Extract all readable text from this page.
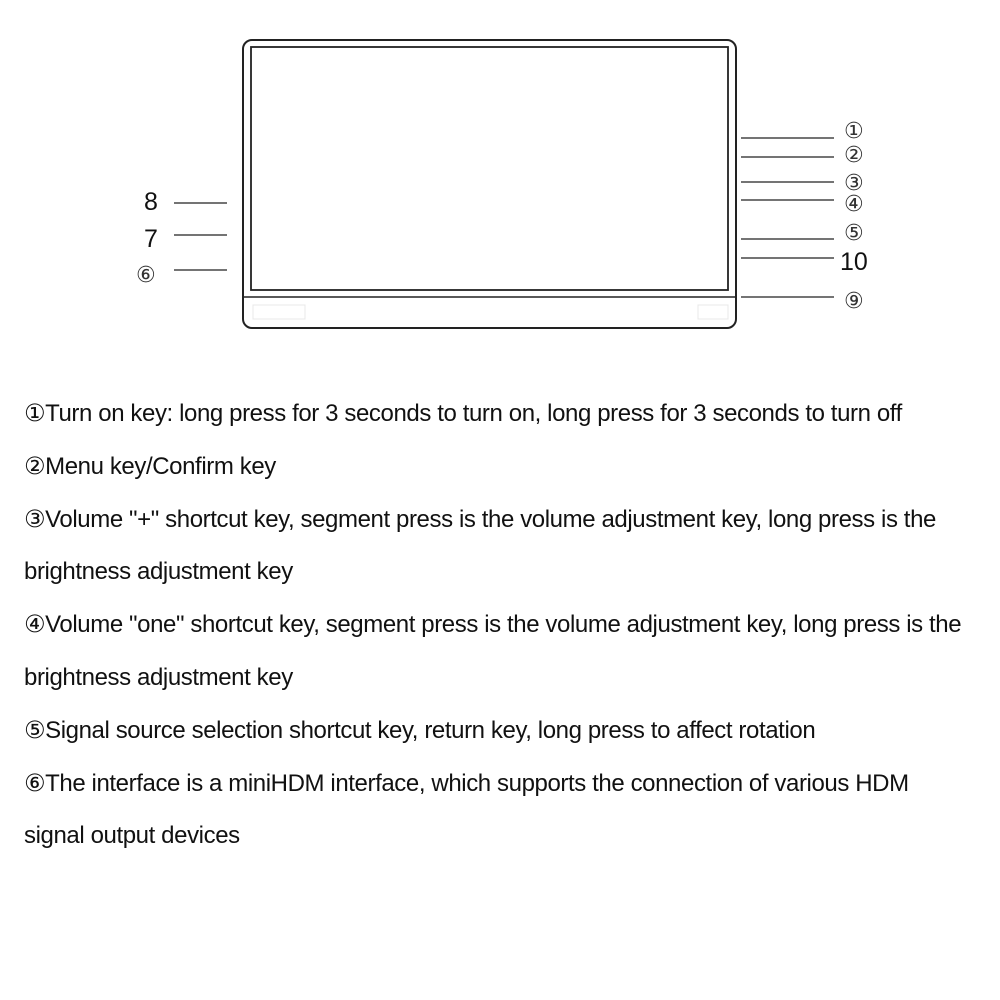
8
7
⑥
①
②
③
④
⑤
10
⑨

①Turn on key: long press for 3 seconds to turn on, long press for 3 seconds to turn off

②Menu key/Confirm key

③Volume "+" shortcut key, segment press is the volume adjustment key, long press is the brightness adjustment key

④Volume "one" shortcut key, segment press is the volume adjustment key, long press is the brightness adjustment key

⑤Signal source selection shortcut key, return key, long press to affect rotation

⑥The interface is a miniHDM interface, which supports the connection of various HDM signal output devices
